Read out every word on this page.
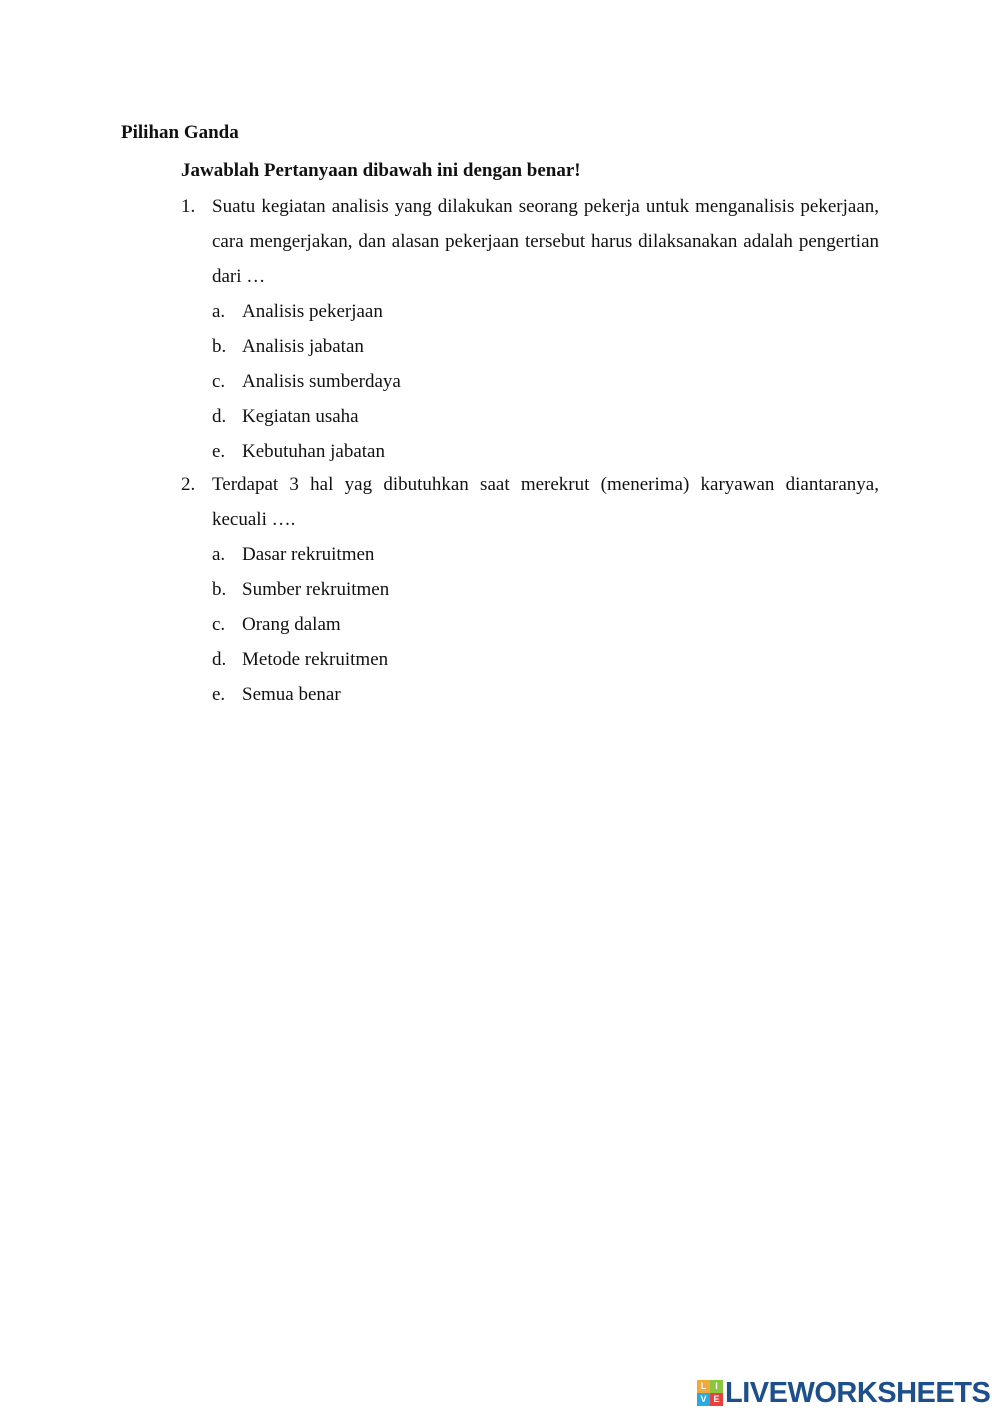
Pilihan Ganda
Jawablah Pertanyaan dibawah ini dengan benar!
1. Suatu kegiatan analisis yang dilakukan seorang pekerja untuk menganalisis pekerjaan, cara mengerjakan, dan alasan pekerjaan tersebut harus dilaksanakan adalah pengertian dari …
a. Analisis pekerjaan
b. Analisis jabatan
c. Analisis sumberdaya
d. Kegiatan usaha
e. Kebutuhan jabatan
2. Terdapat 3 hal yag dibutuhkan saat merekrut (menerima) karyawan diantaranya, kecuali ….
a. Dasar rekruitmen
b. Sumber rekruitmen
c. Orang dalam
d. Metode rekruitmen
e. Semua benar
L I
V E LIVEWORKSHEETS
